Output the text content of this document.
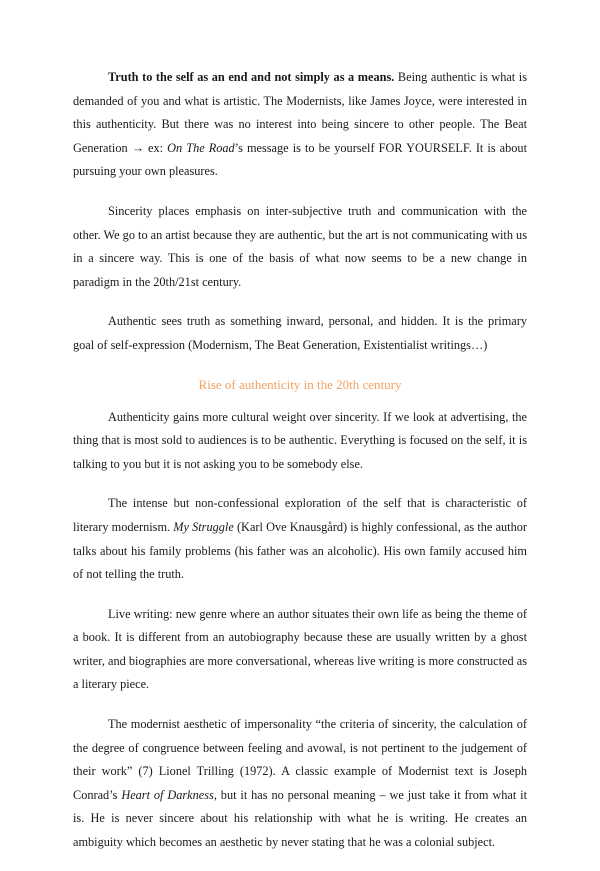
Truth to the self as an end and not simply as a means. Being authentic is what is demanded of you and what is artistic. The Modernists, like James Joyce, were interested in this authenticity. But there was no interest into being sincere to other people. The Beat Generation → ex: On The Road’s message is to be yourself FOR YOURSELF. It is about pursuing your own pleasures.

Sincerity places emphasis on inter-subjective truth and communication with the other. We go to an artist because they are authentic, but the art is not communicating with us in a sincere way. This is one of the basis of what now seems to be a new change in paradigm in the 20th/21st century.

Authentic sees truth as something inward, personal, and hidden. It is the primary goal of self-expression (Modernism, The Beat Generation, Existentialist writings…)

Rise of authenticity in the 20th century

Authenticity gains more cultural weight over sincerity. If we look at advertising, the thing that is most sold to audiences is to be authentic. Everything is focused on the self, it is talking to you but it is not asking you to be somebody else.

The intense but non-confessional exploration of the self that is characteristic of literary modernism. My Struggle (Karl Ove Knausgård) is highly confessional, as the author talks about his family problems (his father was an alcoholic). His own family accused him of not telling the truth.

Live writing: new genre where an author situates their own life as being the theme of a book. It is different from an autobiography because these are usually written by a ghost writer, and biographies are more conversational, whereas live writing is more constructed as a literary piece.

The modernist aesthetic of impersonality “the criteria of sincerity, the calculation of the degree of congruence between feeling and avowal, is not pertinent to the judgement of their work” (7) Lionel Trilling (1972). A classic example of Modernist text is Joseph Conrad’s Heart of Darkness, but it has no personal meaning – we just take it from what it is. He is never sincere about his relationship with what he is writing. He creates an ambiguity which becomes an aesthetic by never stating that he was a colonial subject.
